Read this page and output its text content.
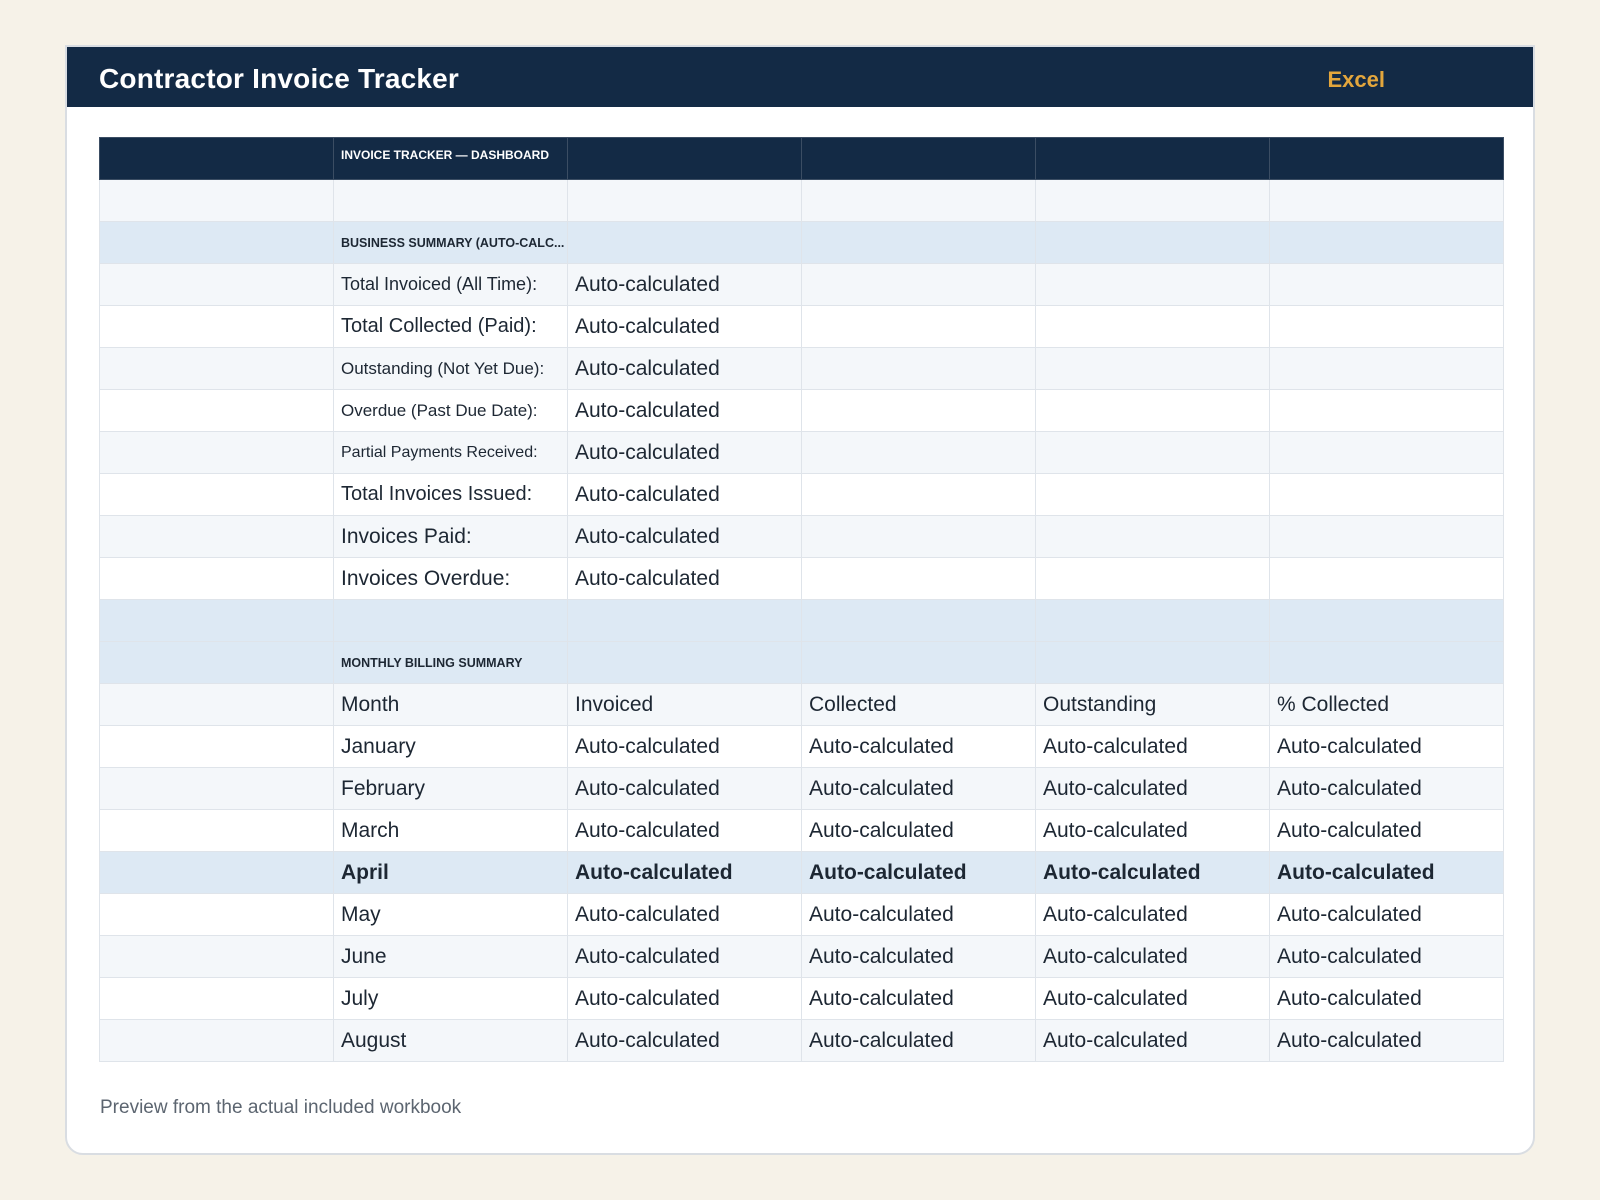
Contractor Invoice Tracker	Excel
	INVOICE TRACKER — DASHBOARD				

	BUSINESS SUMMARY (AUTO-CALC...				
	Total Invoiced (All Time):	Auto-calculated			
	Total Collected (Paid):	Auto-calculated			
	Outstanding (Not Yet Due):	Auto-calculated			
	Overdue (Past Due Date):	Auto-calculated			
	Partial Payments Received:	Auto-calculated			
	Total Invoices Issued:	Auto-calculated			
	Invoices Paid:	Auto-calculated			
	Invoices Overdue:	Auto-calculated			

	MONTHLY BILLING SUMMARY				
	Month	Invoiced	Collected	Outstanding	% Collected
	January	Auto-calculated	Auto-calculated	Auto-calculated	Auto-calculated
	February	Auto-calculated	Auto-calculated	Auto-calculated	Auto-calculated
	March	Auto-calculated	Auto-calculated	Auto-calculated	Auto-calculated
	April	Auto-calculated	Auto-calculated	Auto-calculated	Auto-calculated
	May	Auto-calculated	Auto-calculated	Auto-calculated	Auto-calculated
	June	Auto-calculated	Auto-calculated	Auto-calculated	Auto-calculated
	July	Auto-calculated	Auto-calculated	Auto-calculated	Auto-calculated
	August	Auto-calculated	Auto-calculated	Auto-calculated	Auto-calculated
Preview from the actual included workbook
